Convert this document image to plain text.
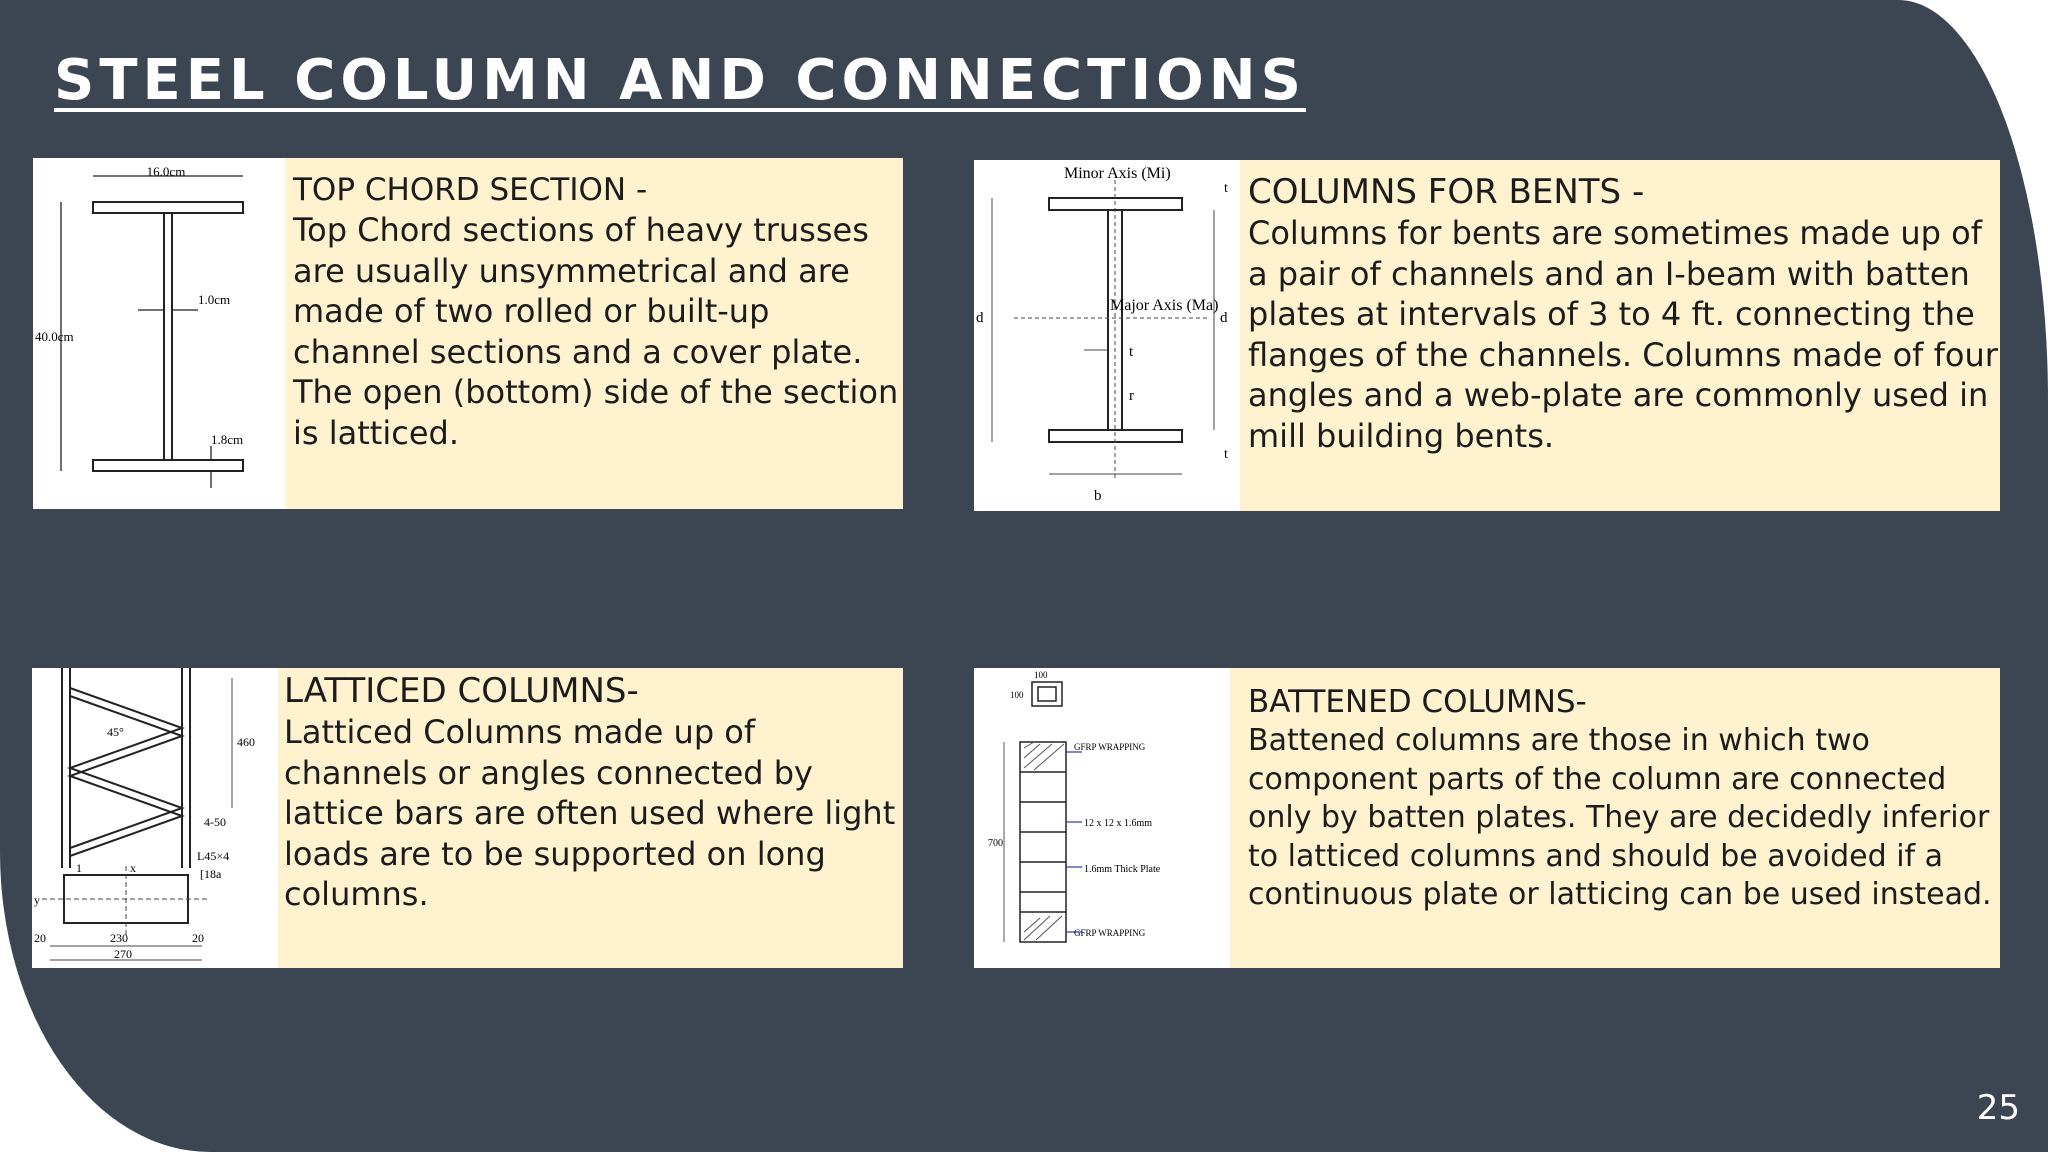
STEEL COLUMN AND CONNECTIONS
16.0cm
1.0cm
40.0cm
1.8cm
TOP CHORD SECTION -

Top Chord sections of heavy trusses are usually unsymmetrical and are made of two rolled or built-up channel sections and a cover plate. The open (bottom) side of the section is latticed.

Minor Axis (Mi)
Major Axis (Ma)
d	d
t
t
t
r
b
COLUMNS FOR BENTS -

Columns for bents are sometimes made up of a pair of channels and an I-beam with batten plates at intervals of 3 to 4 ft. connecting the flanges of the channels. Columns made of four angles and a web-plate are commonly used in mill building bents.

45°
460
4-50
L45×4
[18a
230
270
20	20
x
y
1
LATTICED COLUMNS-

Latticed Columns made up of channels or angles connected by lattice bars are often used where light loads are to be supported on long columns.

100
100
700
GFRP WRAPPING
12 x 12 x 1.6mm
1.6mm Thick Plate
GFRP WRAPPING
BATTENED COLUMNS-

Battened columns are those in which two component parts of the column are connected only by batten plates. They are decidedly inferior to latticed columns and should be avoided if a continuous plate or latticing can be used instead.

25
